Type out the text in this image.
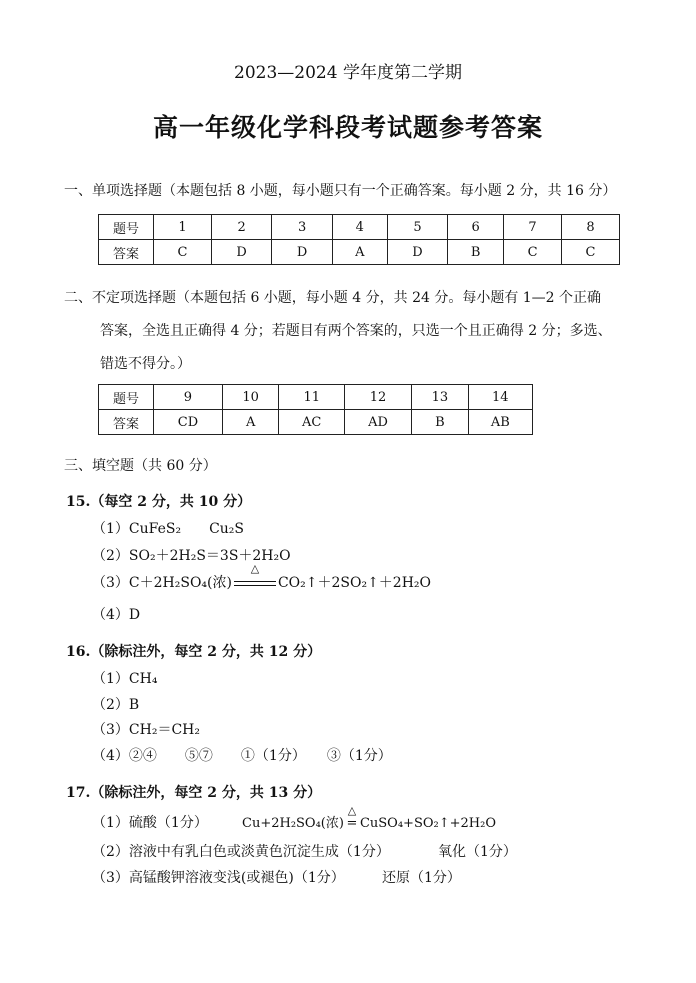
2023—2024 学年度第二学期
高一年级化学科段考试题参考答案
一、单项选择题（本题包括 8 小题，每小题只有一个正确答案。每小题 2 分，共 16 分）
题号	1	2	3	4	5	6	7	8
答案	C	D	D	A	D	B	C	C
二、不定项选择题（本题包括 6 小题，每小题 4 分，共 24 分。每小题有 1—2 个正确
答案，全选且正确得 4 分；若题目有两个答案的，只选一个且正确得 2 分；多选、
错选不得分。）
题号	9	10	11	12	13	14
答案	CD	A	AC	AD	B	AB
三、填空题（共 60 分）
15.（每空 2 分，共 10 分）
（1）CuFeS₂　　Cu₂S
（2）SO₂＋2H₂S＝3S＋2H₂O
（3）C＋2H₂SO₄(浓)
△
CO₂↑＋2SO₂↑＋2H₂O
（4）D
16.（除标注外，每空 2 分，共 12 分）
（1）CH₄
（2）B
（3）CH₂＝CH₂
（4）②④　　⑤⑦　　①（1分）　　③（1分）
17.（除标注外，每空 2 分，共 13 分）
（1）硫酸（1分）	Cu+2H₂SO₄(浓)
△
= CuSO₄+SO₂↑+2H₂O
（2）溶液中有乳白色或淡黄色沉淀生成（1分）	氧化（1分）
（3）高锰酸钾溶液变浅(或褪色)（1分）	还原（1分）
